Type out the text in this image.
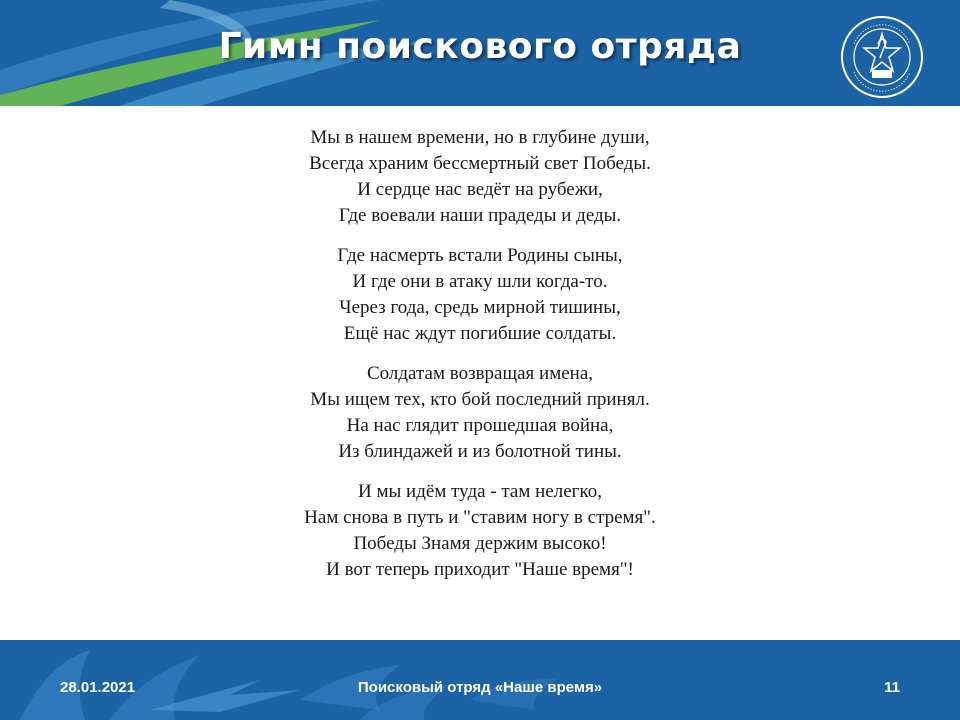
Гимн поискового отряда
Мы в нашем времени, но в глубине души,
Всегда храним бессмертный свет Победы.
И сердце нас ведёт на рубежи,
Где воевали наши прадеды и деды.
Где насмерть встали Родины сыны,
И где они в атаку шли когда-то.
Через года, средь мирной тишины,
Ещё нас ждут погибшие солдаты.
Солдатам возвращая имена,
Мы ищем тех, кто бой последний принял.
На нас глядит прошедшая война,
Из блиндажей и из болотной тины.
И мы идём туда - там нелегко,
Нам снова в путь и "ставим ногу в стремя".
Победы Знамя держим высоко!
И вот теперь приходит "Наше время"!
28.01.2021	Поисковый отряд «Наше время»	11
